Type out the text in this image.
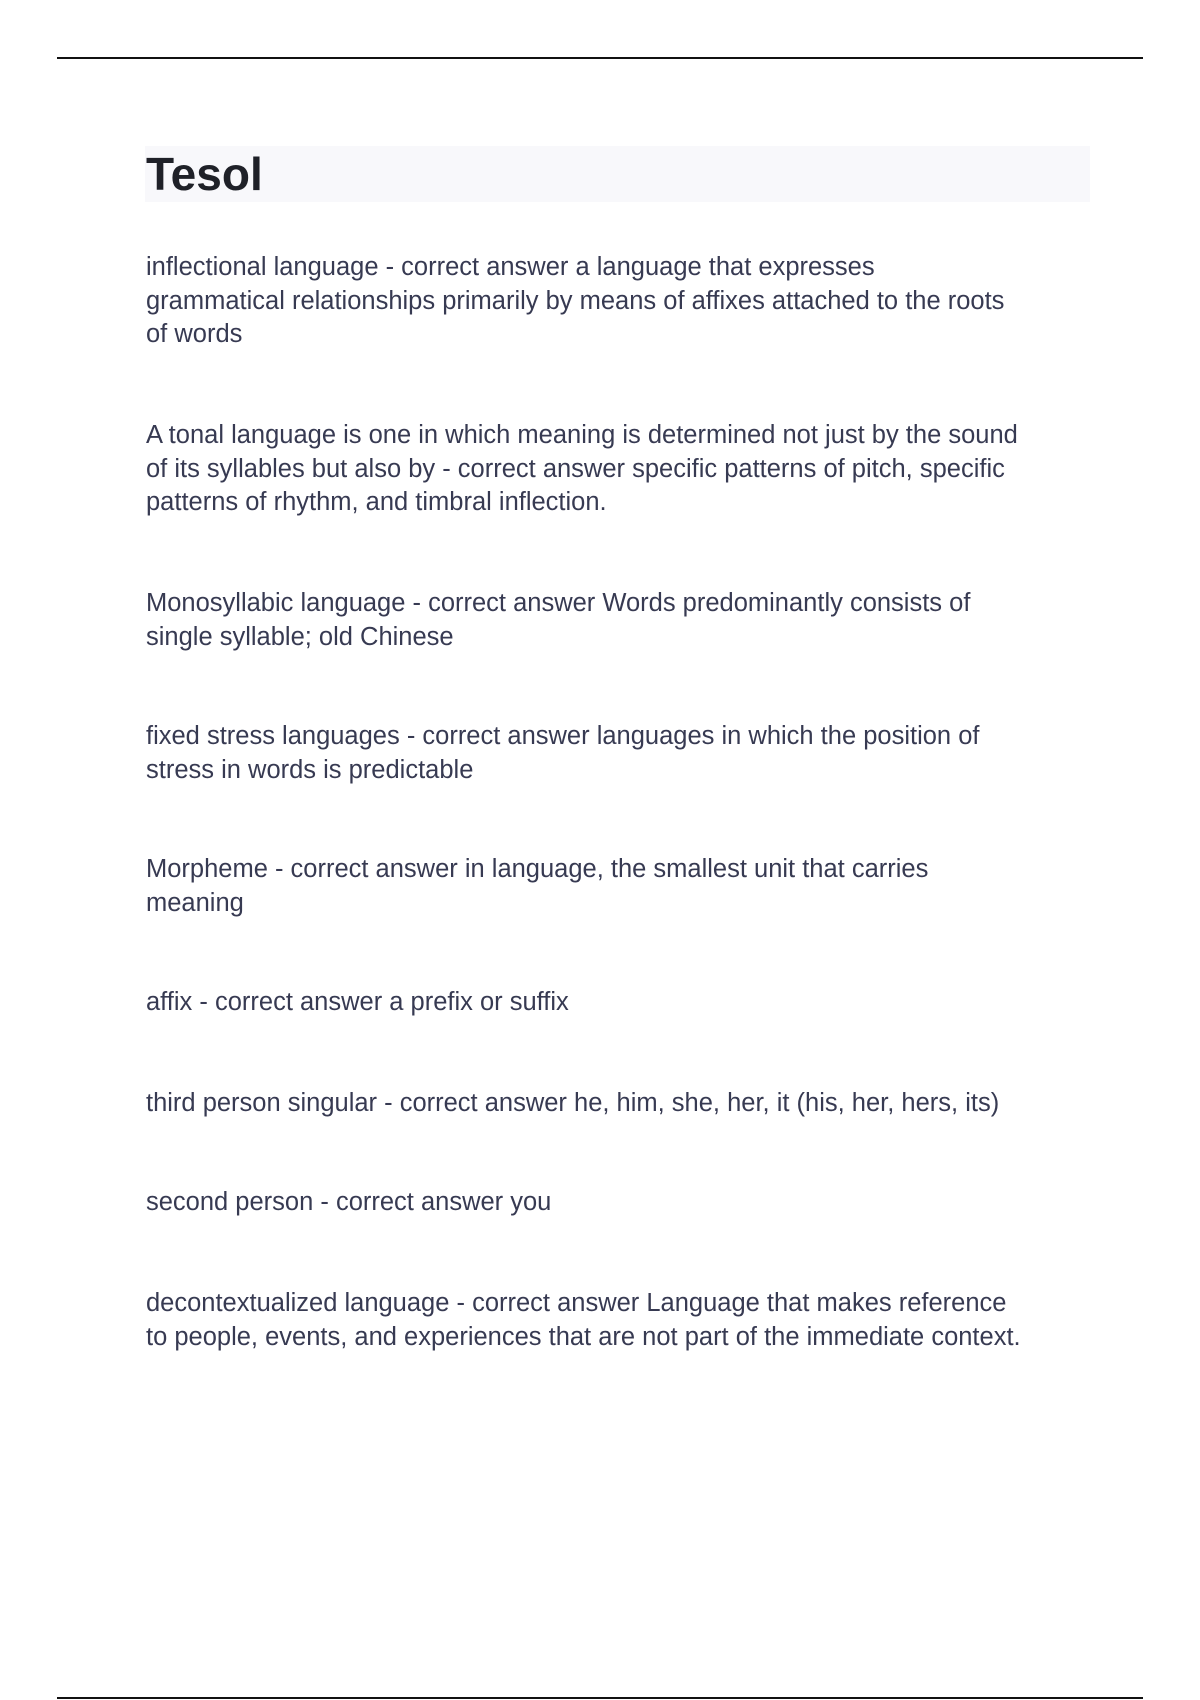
Tesol

inflectional language - correct answer a language that expresses
grammatical relationships primarily by means of affixes attached to the roots
of words

A tonal language is one in which meaning is determined not just by the sound
of its syllables but also by - correct answer specific patterns of pitch, specific
patterns of rhythm, and timbral inflection.

Monosyllabic language - correct answer Words predominantly consists of
single syllable; old Chinese

fixed stress languages - correct answer languages in which the position of
stress in words is predictable

Morpheme - correct answer in language, the smallest unit that carries
meaning

affix - correct answer a prefix or suffix

third person singular - correct answer he, him, she, her, it (his, her, hers, its)

second person - correct answer you

decontextualized language - correct answer Language that makes reference
to people, events, and experiences that are not part of the immediate context.
